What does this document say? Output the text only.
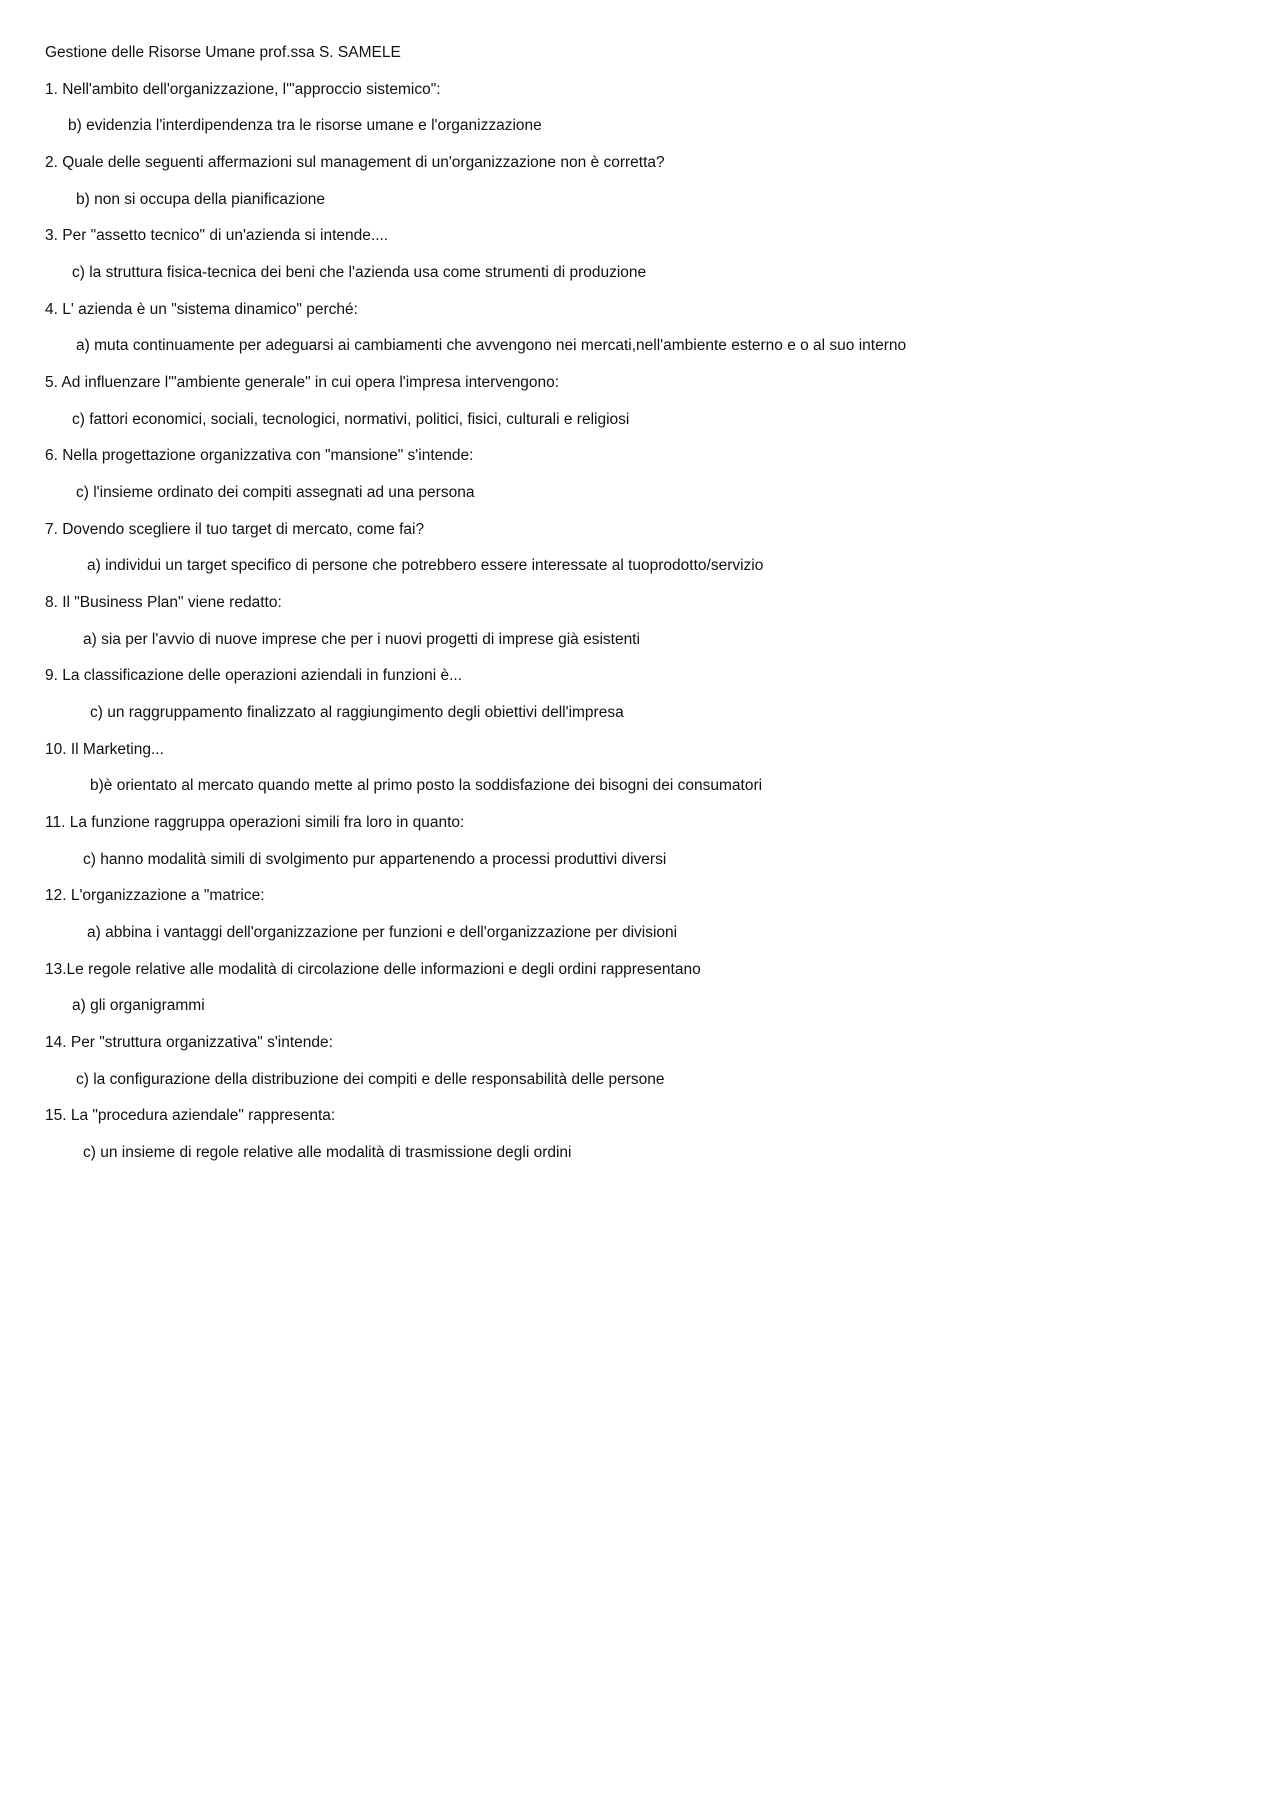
Gestione delle Risorse Umane prof.ssa S. SAMELE
1. Nell'ambito dell'organizzazione, l'"approccio sistemico":
b) evidenzia l'interdipendenza tra le risorse umane e l'organizzazione
2. Quale delle seguenti affermazioni sul management di un'organizzazione non è corretta?
b) non si occupa della pianificazione
3. Per "assetto tecnico" di un'azienda si intende....
c) la struttura fisica-tecnica dei beni che l'azienda usa come strumenti di produzione
4. L' azienda è un "sistema dinamico" perché:
a) muta continuamente per adeguarsi ai cambiamenti che avvengono nei mercati,nell'ambiente esterno e o al suo interno
5. Ad influenzare l'"ambiente generale" in cui opera l'impresa intervengono:
c) fattori economici, sociali, tecnologici, normativi, politici, fisici, culturali e religiosi
6. Nella progettazione organizzativa con "mansione" s'intende:
c) l'insieme ordinato dei compiti assegnati ad una persona
7. Dovendo scegliere il tuo target di mercato, come fai?
a) individui un target specifico di persone che potrebbero essere interessate al tuoprodotto/servizio
8. Il "Business Plan" viene redatto:
a) sia per l'avvio di nuove imprese che per i nuovi progetti di imprese già esistenti
9. La classificazione delle operazioni aziendali in funzioni è...
c) un raggruppamento finalizzato al raggiungimento degli obiettivi dell'impresa
10. Il Marketing...
b)è orientato al mercato quando mette al primo posto la soddisfazione dei bisogni dei consumatori
11. La funzione raggruppa operazioni simili fra loro in quanto:
c) hanno modalità simili di svolgimento pur appartenendo a processi produttivi diversi
12. L'organizzazione a "matrice:
a) abbina i vantaggi dell'organizzazione per funzioni e dell'organizzazione per divisioni
13.Le regole relative alle modalità di circolazione delle informazioni e degli ordini rappresentano
a) gli organigrammi
14. Per "struttura organizzativa" s'intende:
c) la configurazione della distribuzione dei compiti e delle responsabilità delle persone
15. La "procedura aziendale" rappresenta:
c) un insieme di regole relative alle modalità di trasmissione degli ordini
